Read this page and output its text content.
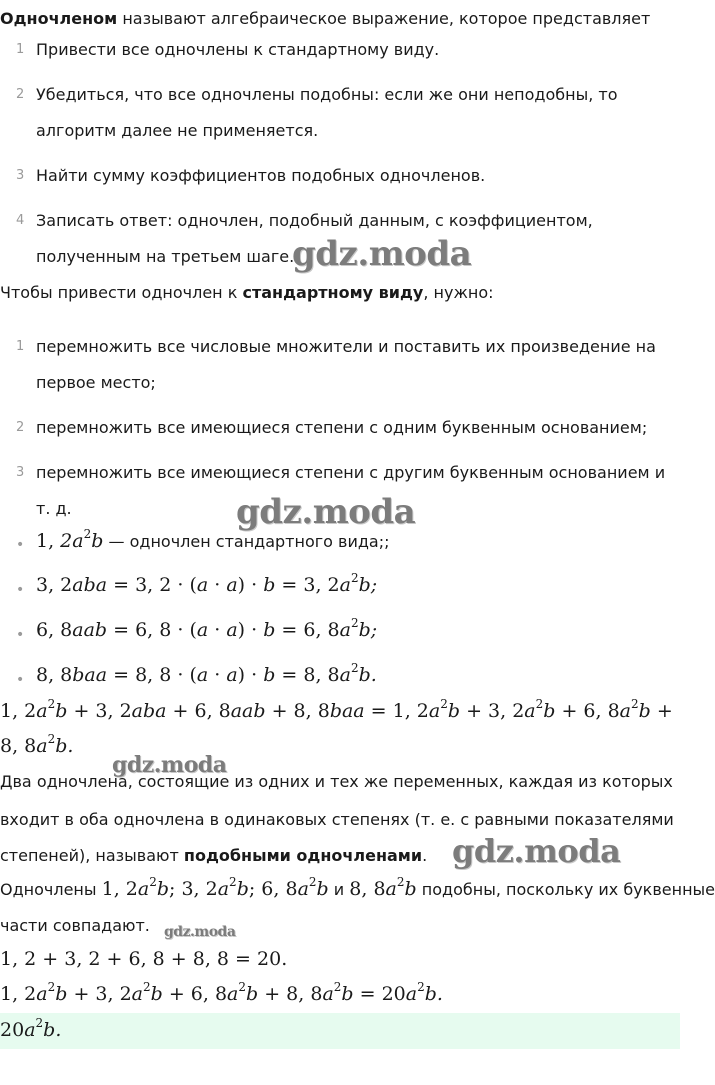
Одночленом называют алгебраическое выражение, которое представляет
1 Привести все одночлены к стандартному виду.
2 Убедиться, что все одночлены подобны: если же они неподобны, то
алгоритм далее не применяется.
3 Найти сумму коэффициентов подобных одночленов.
4 Записать ответ: одночлен, подобный данным, с коэффициентом,
полученным на третьем шаге.
gdz.moda
Чтобы привести одночлен к стандартному виду, нужно:
1 перемножить все числовые множители и поставить их произведение на
первое место;
2 перемножить все имеющиеся степени с одним буквенным основанием;
3 перемножить все имеющиеся степени с другим буквенным основанием и
т. д.	gdz.moda
• 1, $2a^2b$ — одночлен стандартного вида;;
• 3, 2aba = 3, 2 · (a · a) · b = 3, $2a^2b$;
• 6, 8aab = 6, 8 · (a · a) · b = 6, $8a^2b$;
• 8, 8baa = 8, 8 · (a · a) · b = 8, $8a^2b$.
1, $2a^2b + 3$, 2aba + 6, 8aab + 8, 8baa = 1, $2a^2b + 3$, $2a^2b + 6$, $8a^2b$ +
8, $8a^2b$.
gdz.moda
Два одночлена, состоящие из одних и тех же переменных, каждая из которых
входит в оба одночлена в одинаковых степенях (т. е. с равными показателями
степеней), называют подобными одночленами. gdz.moda
Одночлены 1, $2a^2b$; 3, $2a^2b$; 6, $8a^2b$ и 8, $8a^2b$ подобны, поскольку их буквенные
части совпадают. gdz.moda
1, 2 + 3, 2 + 6, 8 + 8, 8 = 20.
1, $2a^2b + 3$, $2a^2b + 6$, $8a^2b + 8$, $8a^2b = 20a^2b$.
$20a^2b$.
